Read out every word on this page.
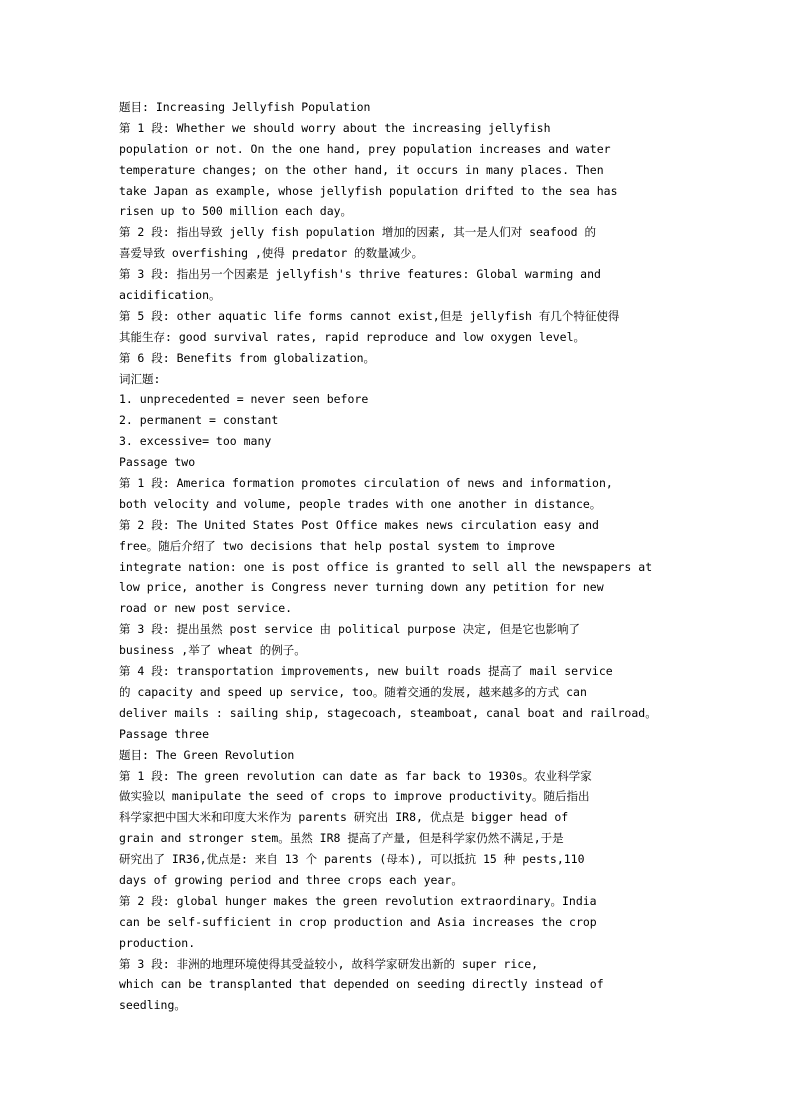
题目: Increasing Jellyfish Population
第 1 段: Whether we should worry about the increasing jellyfish
population or not. On the one hand, prey population increases and water
temperature changes; on the other hand, it occurs in many places. Then
take Japan as example, whose jellyfish population drifted to the sea has
risen up to 500 million each day。
第 2 段: 指出导致 jelly fish population 增加的因素, 其一是人们对 seafood 的
喜爱导致 overfishing ,使得 predator 的数量减少。
第 3 段: 指出另一个因素是 jellyfish's thrive features: Global warming and
acidification。
第 5 段: other aquatic life forms cannot exist,但是 jellyfish 有几个特征使得
其能生存: good survival rates, rapid reproduce and low oxygen level。
第 6 段: Benefits from globalization。
词汇题:
1. unprecedented = never seen before
2. permanent = constant
3. excessive= too many
Passage two
第 1 段: America formation promotes circulation of news and information,
both velocity and volume, people trades with one another in distance。
第 2 段: The United States Post Office makes news circulation easy and
free。随后介绍了 two decisions that help postal system to improve
integrate nation: one is post office is granted to sell all the newspapers at
low price, another is Congress never turning down any petition for new
road or new post service.
第 3 段: 提出虽然 post service 由 political purpose 决定, 但是它也影响了
business ,举了 wheat 的例子。
第 4 段: transportation improvements, new built roads 提高了 mail service
的 capacity and speed up service, too。随着交通的发展, 越来越多的方式 can
deliver mails : sailing ship, stagecoach, steamboat, canal boat and railroad。
Passage three
题目: The Green Revolution
第 1 段: The green revolution can date as far back to 1930s。农业科学家
做实验以 manipulate the seed of crops to improve productivity。随后指出
科学家把中国大米和印度大米作为 parents 研究出 IR8, 优点是 bigger head of
grain and stronger stem。虽然 IR8 提高了产量, 但是科学家仍然不满足,于是
研究出了 IR36,优点是: 来自 13 个 parents (母本), 可以抵抗 15 种 pests,110
days of growing period and three crops each year。
第 2 段: global hunger makes the green revolution extraordinary。India
can be self-sufficient in crop production and Asia increases the crop
production.
第 3 段: 非洲的地理环境使得其受益较小, 故科学家研发出新的 super rice,
which can be transplanted that depended on seeding directly instead of
seedling。
